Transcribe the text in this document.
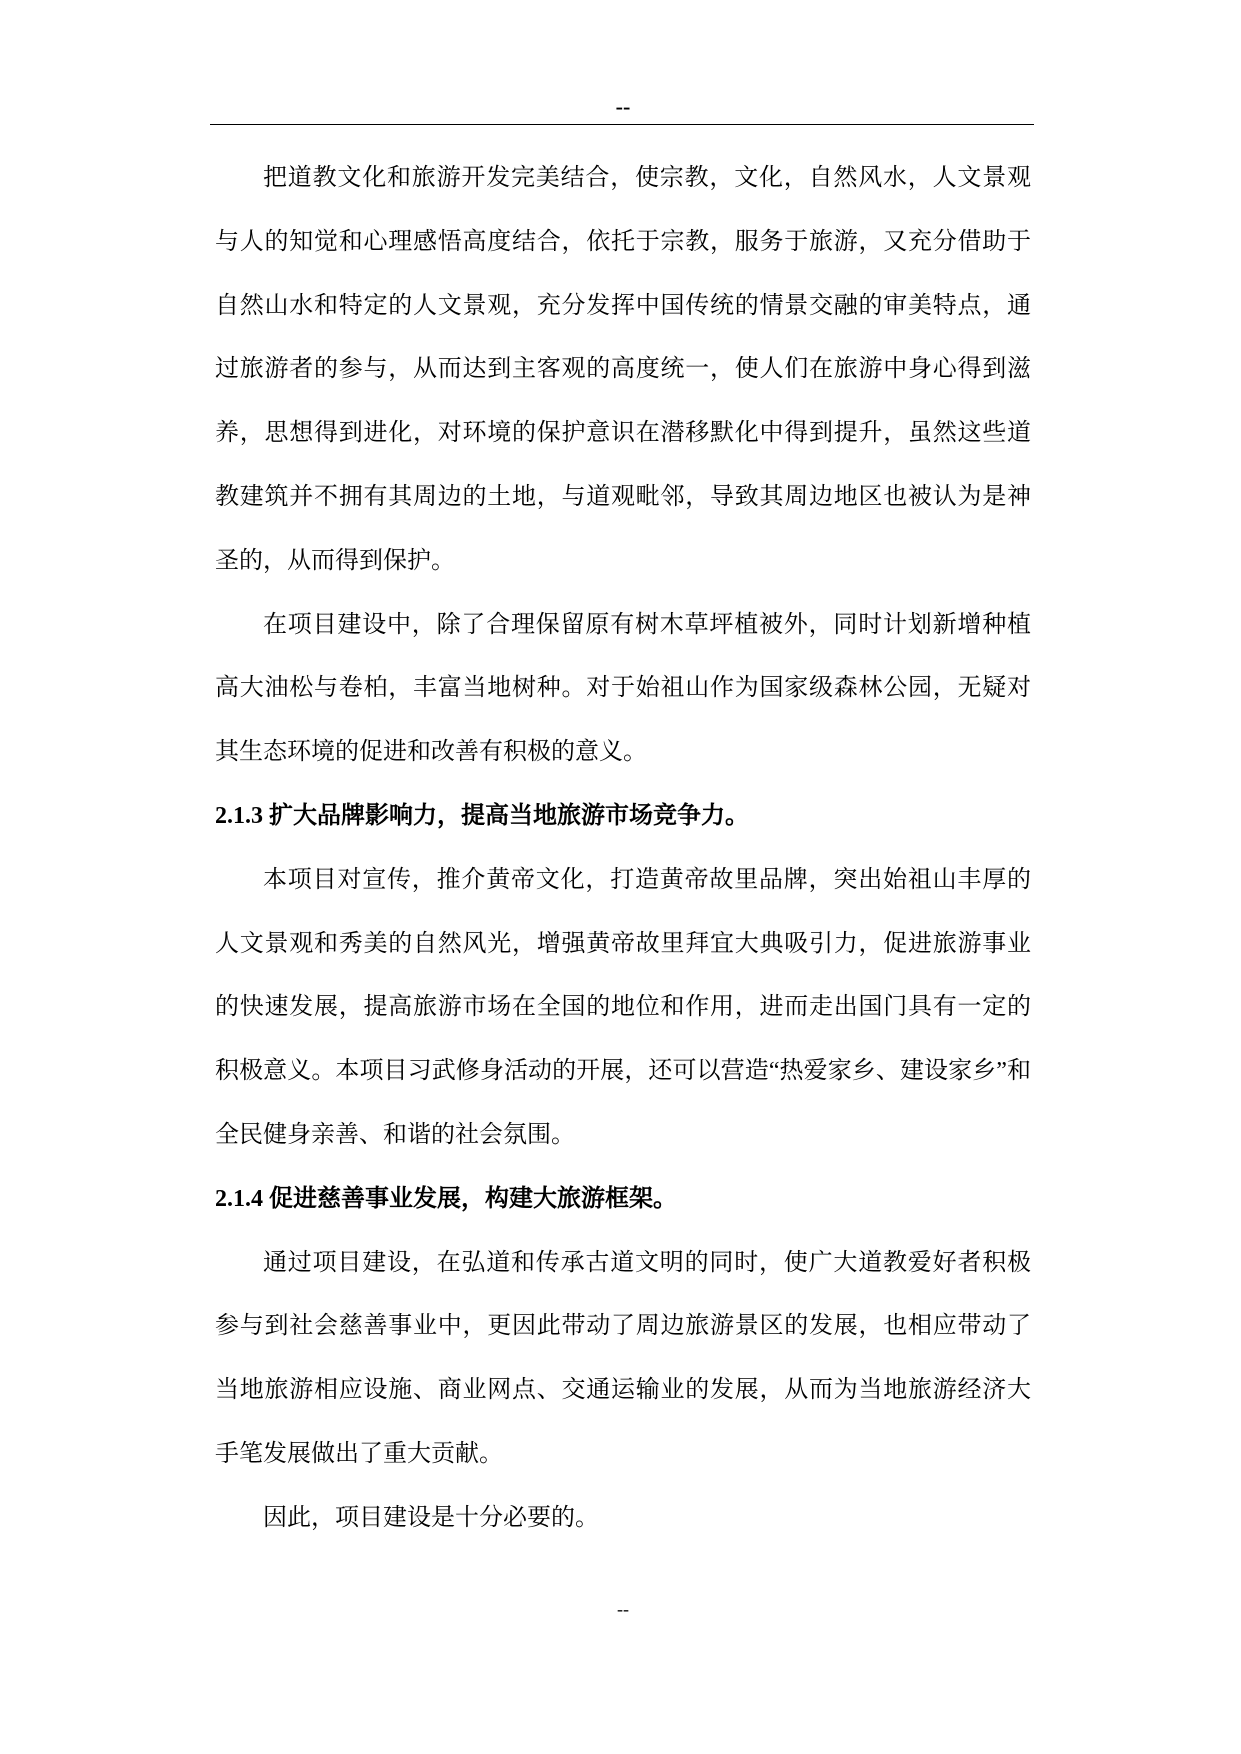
--
把道教文化和旅游开发完美结合，使宗教，文化，自然风水，人文景观
与人的知觉和心理感悟高度结合，依托于宗教，服务于旅游，又充分借助于
自然山水和特定的人文景观，充分发挥中国传统的情景交融的审美特点，通
过旅游者的参与，从而达到主客观的高度统一，使人们在旅游中身心得到滋
养，思想得到进化，对环境的保护意识在潜移默化中得到提升，虽然这些道
教建筑并不拥有其周边的土地，与道观毗邻，导致其周边地区也被认为是神
圣的，从而得到保护。
在项目建设中，除了合理保留原有树木草坪植被外，同时计划新增种植
高大油松与卷柏，丰富当地树种。对于始祖山作为国家级森林公园，无疑对
其生态环境的促进和改善有积极的意义。
2.1.3 扩大品牌影响力，提高当地旅游市场竞争力。
本项目对宣传，推介黄帝文化，打造黄帝故里品牌，突出始祖山丰厚的
人文景观和秀美的自然风光，增强黄帝故里拜宜大典吸引力，促进旅游事业
的快速发展，提高旅游市场在全国的地位和作用，进而走出国门具有一定的
积极意义。本项目习武修身活动的开展，还可以营造“热爱家乡、建设家乡”和
全民健身亲善、和谐的社会氛围。
2.1.4 促进慈善事业发展，构建大旅游框架。
通过项目建设，在弘道和传承古道文明的同时，使广大道教爱好者积极
参与到社会慈善事业中，更因此带动了周边旅游景区的发展，也相应带动了
当地旅游相应设施、商业网点、交通运输业的发展，从而为当地旅游经济大
手笔发展做出了重大贡献。
因此，项目建设是十分必要的。
--
